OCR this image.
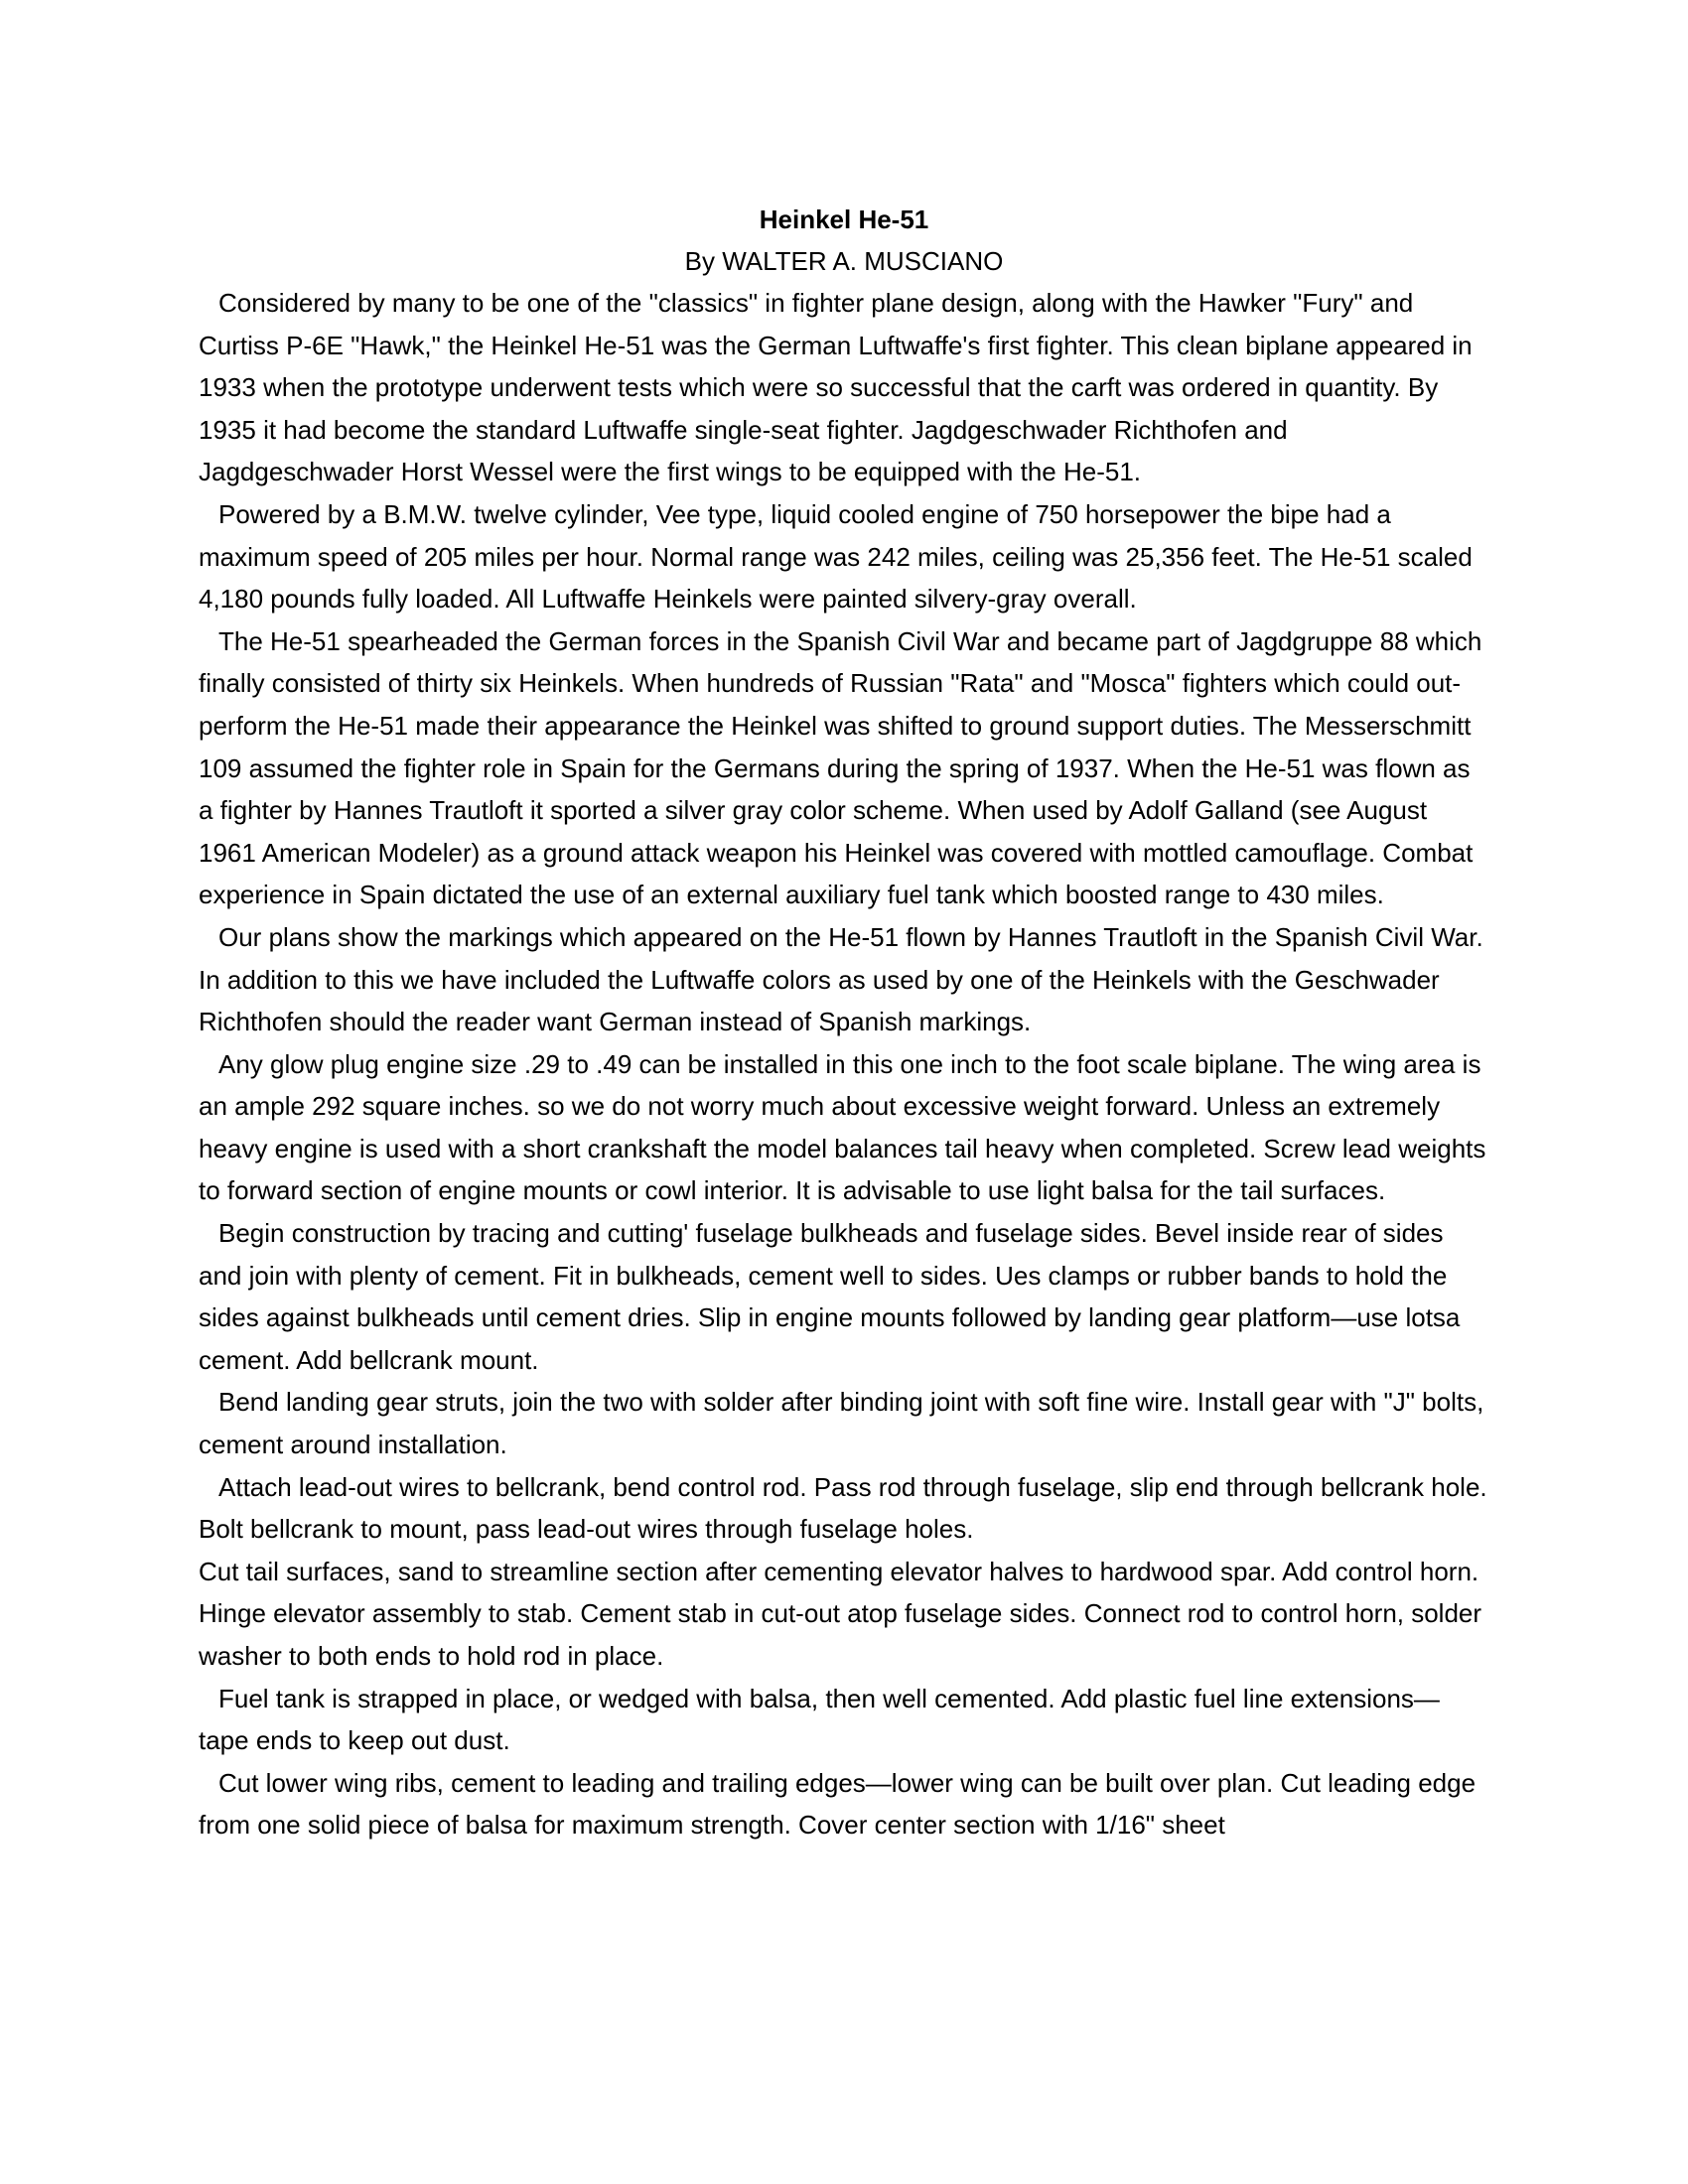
Heinkel He-51
By WALTER A. MUSCIANO

Considered by many to be one of the "classics" in fighter plane design, along with the Hawker "Fury" and Curtiss P-6E "Hawk," the Heinkel He-51 was the German Luftwaffe's first fighter. This clean biplane appeared in 1933 when the prototype underwent tests which were so successful that the carft was ordered in quantity. By 1935 it had become the standard Luftwaffe single-seat fighter. Jagdgeschwader Richthofen and Jagdgeschwader Horst Wessel were the first wings to be equipped with the He-51.

Powered by a B.M.W. twelve cylinder, Vee type, liquid cooled engine of 750 horsepower the bipe had a maximum speed of 205 miles per hour. Normal range was 242 miles, ceiling was 25,356 feet. The He-51 scaled 4,180 pounds fully loaded. All Luftwaffe Heinkels were painted silvery-gray overall.

The He-51 spearheaded the German forces in the Spanish Civil War and became part of Jagdgruppe 88 which finally consisted of thirty six Heinkels. When hundreds of Russian "Rata" and "Mosca" fighters which could out-perform the He-51 made their appearance the Heinkel was shifted to ground support duties. The Messerschmitt 109 assumed the fighter role in Spain for the Germans during the spring of 1937. When the He-51 was flown as a fighter by Hannes Trautloft it sported a silver gray color scheme. When used by Adolf Galland (see August 1961 American Modeler) as a ground attack weapon his Heinkel was covered with mottled camouflage. Combat experience in Spain dictated the use of an external auxiliary fuel tank which boosted range to 430 miles.

Our plans show the markings which appeared on the He-51 flown by Hannes Trautloft in the Spanish Civil War. In addition to this we have included the Luftwaffe colors as used by one of the Heinkels with the Geschwader Richthofen should the reader want German instead of Spanish markings.

Any glow plug engine size .29 to .49 can be installed in this one inch to the foot scale biplane. The wing area is an ample 292 square inches. so we do not worry much about excessive weight forward. Unless an extremely heavy engine is used with a short crankshaft the model balances tail heavy when completed. Screw lead weights to forward section of engine mounts or cowl interior. It is advisable to use light balsa for the tail surfaces.

Begin construction by tracing and cutting' fuselage bulkheads and fuselage sides. Bevel inside rear of sides and join with plenty of cement. Fit in bulkheads, cement well to sides. Ues clamps or rubber bands to hold the sides against bulkheads until cement dries. Slip in engine mounts followed by landing gear platform—use lotsa cement. Add bellcrank mount.

Bend landing gear struts, join the two with solder after binding joint with soft fine wire. Install gear with "J" bolts, cement around installation.

Attach lead-out wires to bellcrank, bend control rod. Pass rod through fuselage, slip end through bellcrank hole. Bolt bellcrank to mount, pass lead-out wires through fuselage holes.

Cut tail surfaces, sand to streamline section after cementing elevator halves to hardwood spar. Add control horn. Hinge elevator assembly to stab. Cement stab in cut-out atop fuselage sides. Connect rod to control horn, solder washer to both ends to hold rod in place.

Fuel tank is strapped in place, or wedged with balsa, then well cemented. Add plastic fuel line extensions—tape ends to keep out dust.

Cut lower wing ribs, cement to leading and trailing edges—lower wing can be built over plan. Cut leading edge from one solid piece of balsa for maximum strength. Cover center section with 1/16" sheet
